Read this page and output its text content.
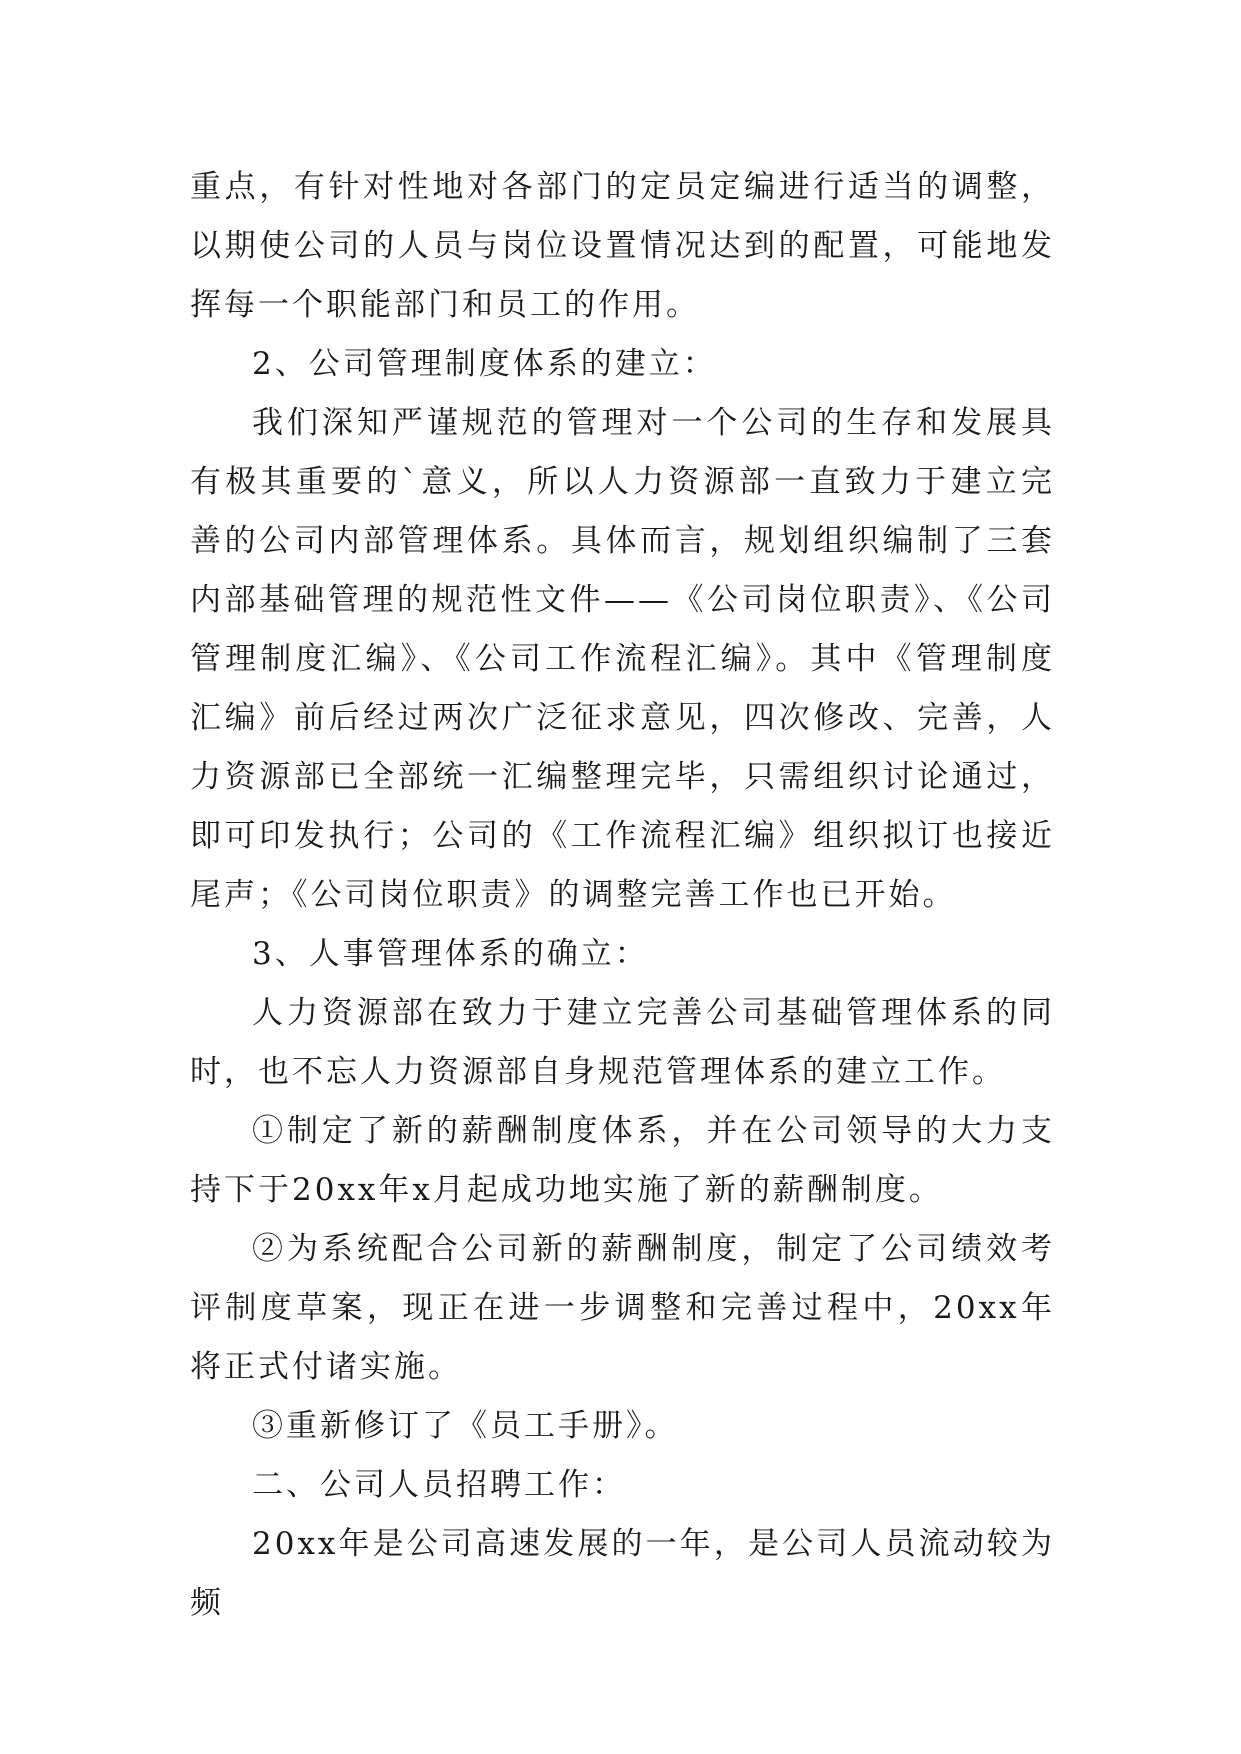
重点，有针对性地对各部门的定员定编进行适当的调整，以期使公司的人员与岗位设置情况达到的配置，可能地发挥每一个职能部门和员工的作用。

2、公司管理制度体系的建立：

我们深知严谨规范的管理对一个公司的生存和发展具有极其重要的`意义，所以人力资源部一直致力于建立完善的公司内部管理体系。具体而言，规划组织编制了三套内部基础管理的规范性文件——《公司岗位职责》、《公司管理制度汇编》、《公司工作流程汇编》。其中《管理制度汇编》前后经过两次广泛征求意见，四次修改、完善，人力资源部已全部统一汇编整理完毕，只需组织讨论通过，即可印发执行；公司的《工作流程汇编》组织拟订也接近尾声；《公司岗位职责》的调整完善工作也已开始。

3、人事管理体系的确立：

人力资源部在致力于建立完善公司基础管理体系的同时，也不忘人力资源部自身规范管理体系的建立工作。

①制定了新的薪酬制度体系，并在公司领导的大力支持下于20xx年x月起成功地实施了新的薪酬制度。

②为系统配合公司新的薪酬制度，制定了公司绩效考评制度草案，现正在进一步调整和完善过程中，20xx年将正式付诸实施。

③重新修订了《员工手册》。

二、公司人员招聘工作：

20xx年是公司高速发展的一年，是公司人员流动较为频
